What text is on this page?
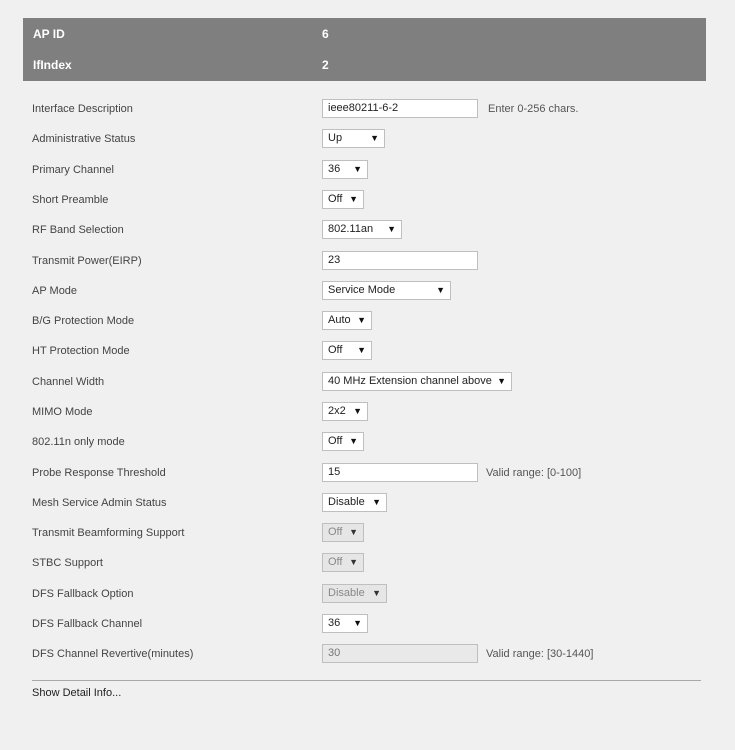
AP ID	6
IfIndex	2
Interface Description	ieee80211-6-2	Enter 0-256 chars.
Administrative Status	Up	▼
Primary Channel	36 ▼
Short Preamble	Off ▼
RF Band Selection	802.11an ▼
Transmit Power(EIRP)	23
AP Mode	Service Mode	▼
B/G Protection Mode	Auto ▼
HT Protection Mode	Off ▼
Channel Width	40 MHz Extension channel above ▼
MIMO Mode	2x2 ▼
802.11n only mode	Off ▼
Probe Response Threshold	15	Valid range: [0-100]
Mesh Service Admin Status	Disable ▼
Transmit Beamforming Support	Off ▼
STBC Support	Off ▼
DFS Fallback Option	Disable ▼
DFS Fallback Channel	36 ▼
DFS Channel Revertive(minutes)	30	Valid range: [30-1440]
Show Detail Info...
